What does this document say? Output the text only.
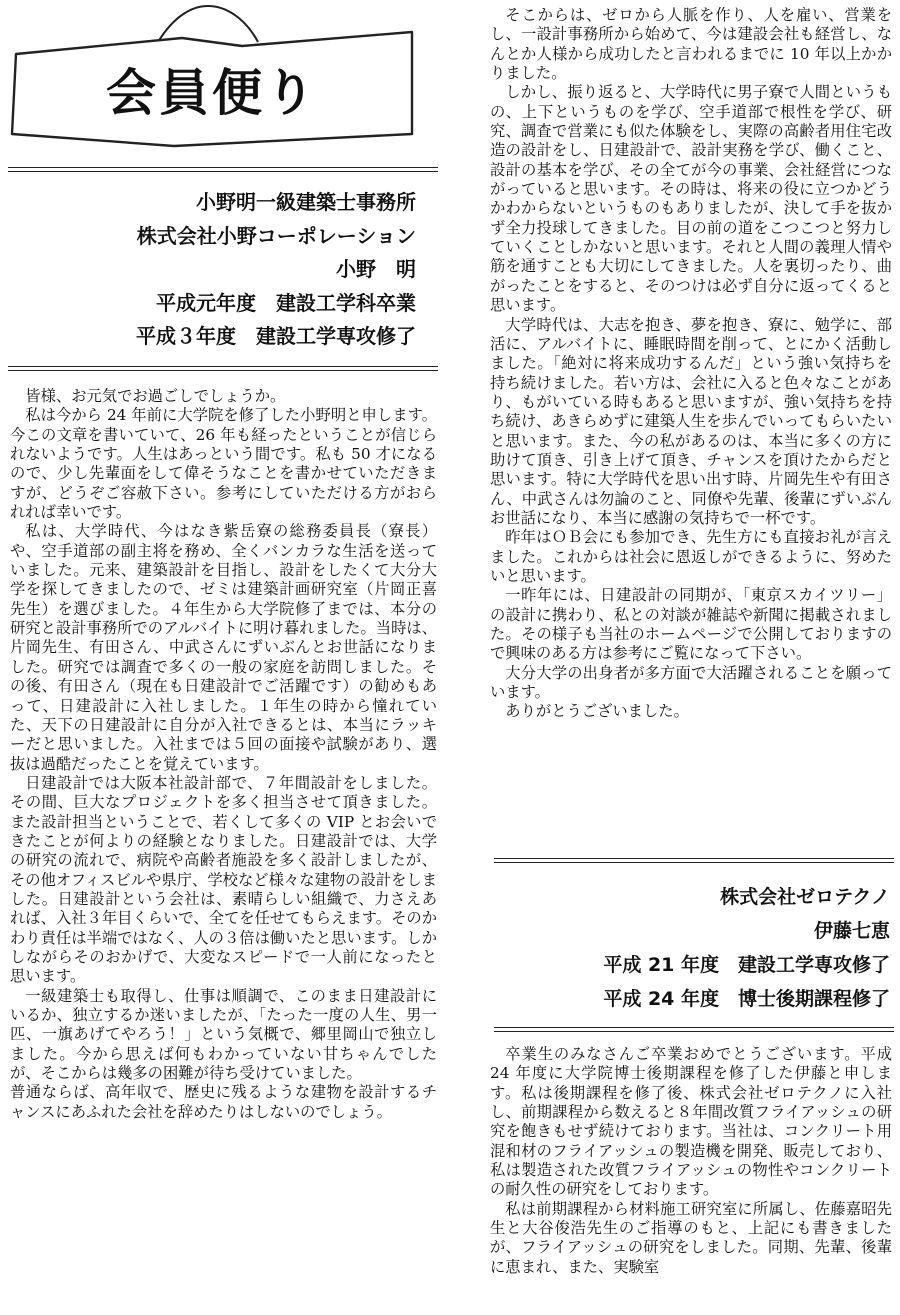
会員便り
小野明一級建築士事務所
株式会社小野コーポレーション
小野　明
平成元年度　建設工学科卒業
平成３年度　建設工学専攻修了

皆様、お元気でお過ごしでしょうか。

私は今から 24 年前に大学院を修了した小野明と申します。今この文章を書いていて、26 年も経ったということが信じられないようです。人生はあっという間です。私も 50 才になるので、少し先輩面をして偉そうなことを書かせていただきますが、どうぞご容赦下さい。参考にしていただける方がおられれば幸いです。

私は、大学時代、今はなき紫岳寮の総務委員長（寮長）や、空手道部の副主将を務め、全くバンカラな生活を送っていました。元来、建築設計を目指し、設計をしたくて大分大学を探してきましたので、ゼミは建築計画研究室（片岡正喜先生）を選びました。４年生から大学院修了までは、本分の研究と設計事務所でのアルバイトに明け暮れました。当時は、片岡先生、有田さん、中武さんにずいぶんとお世話になりました。研究では調査で多くの一般の家庭を訪問しました。その後、有田さん（現在も日建設計でご活躍です）の勧めもあって、日建設計に入社しました。１年生の時から憧れていた、天下の日建設計に自分が入社できるとは、本当にラッキーだと思いました。入社までは５回の面接や試験があり、選抜は過酷だったことを覚えています。

日建設計では大阪本社設計部で、７年間設計をしました。その間、巨大なプロジェクトを多く担当させて頂きました。また設計担当ということで、若くして多くの VIP とお会いできたことが何よりの経験となりました。日建設計では、大学の研究の流れで、病院や高齢者施設を多く設計しましたが、その他オフィスビルや県庁、学校など様々な建物の設計をしました。日建設計という会社は、素晴らしい組織で、力さえあれば、入社３年目くらいで、全てを任せてもらえます。そのかわり責任は半端ではなく、人の３倍は働いたと思います。しかしながらそのおかげで、大変なスピードで一人前になったと思います。

一級建築士も取得し、仕事は順調で、このまま日建設計にいるか、独立するか迷いましたが、「たった一度の人生、男一匹、一旗あげてやろう！」という気概で、郷里岡山で独立しました。今から思えば何もわかっていない甘ちゃんでしたが、そこからは幾多の困難が待ち受けていました。

普通ならば、高年収で、歴史に残るような建物を設計するチャンスにあふれた会社を辞めたりはしないのでしょう。

そこからは、ゼロから人脈を作り、人を雇い、営業をし、一設計事務所から始めて、今は建設会社も経営し、なんとか人様から成功したと言われるまでに 10 年以上かかりました。

しかし、振り返ると、大学時代に男子寮で人間というもの、上下というものを学び、空手道部で根性を学び、研究、調査で営業にも似た体験をし、実際の高齢者用住宅改造の設計をし、日建設計で、設計実務を学び、働くこと、設計の基本を学び、その全てが今の事業、会社経営につながっていると思います。その時は、将来の役に立つかどうかわからないというものもありましたが、決して手を抜かず全力投球してきました。目の前の道をこつこつと努力していくことしかないと思います。それと人間の義理人情や筋を通すことも大切にしてきました。人を裏切ったり、曲がったことをすると、そのつけは必ず自分に返ってくると思います。

大学時代は、大志を抱き、夢を抱き、寮に、勉学に、部活に、アルバイトに、睡眠時間を削って、とにかく活動しました。「絶対に将来成功するんだ」という強い気持ちを持ち続けました。若い方は、会社に入ると色々なことがあり、もがいている時もあると思いますが、強い気持ちを持ち続け、あきらめずに建築人生を歩んでいってもらいたいと思います。また、今の私があるのは、本当に多くの方に助けて頂き、引き上げて頂き、チャンスを頂けたからだと思います。特に大学時代を思い出す時、片岡先生や有田さん、中武さんは勿論のこと、同僚や先輩、後輩にずいぶんお世話になり、本当に感謝の気持ちで一杯です。

昨年はＯＢ会にも参加でき、先生方にも直接お礼が言えました。これからは社会に恩返しができるように、努めたいと思います。

一昨年には、日建設計の同期が、「東京スカイツリー」の設計に携わり、私との対談が雑誌や新聞に掲載されました。その様子も当社のホームページで公開しておりますので興味のある方は参考にご覧になって下さい。

大分大学の出身者が多方面で大活躍されることを願っています。

ありがとうございました。

株式会社ゼロテクノ
伊藤七恵
平成 21 年度　建設工学専攻修了
平成 24 年度　博士後期課程修了

卒業生のみなさんご卒業おめでとうございます。平成 24 年度に大学院博士後期課程を修了した伊藤と申します。私は後期課程を修了後、株式会社ゼロテクノに入社し、前期課程から数えると８年間改質フライアッシュの研究を飽きもせず続けております。当社は、コンクリート用混和材のフライアッシュの製造機を開発、販売しており、私は製造された改質フライアッシュの物性やコンクリートの耐久性の研究をしております。

私は前期課程から材料施工研究室に所属し、佐藤嘉昭先生と大谷俊浩先生のご指導のもと、上記にも書きましたが、フライアッシュの研究をしました。同期、先輩、後輩に恵まれ、また、実験室
